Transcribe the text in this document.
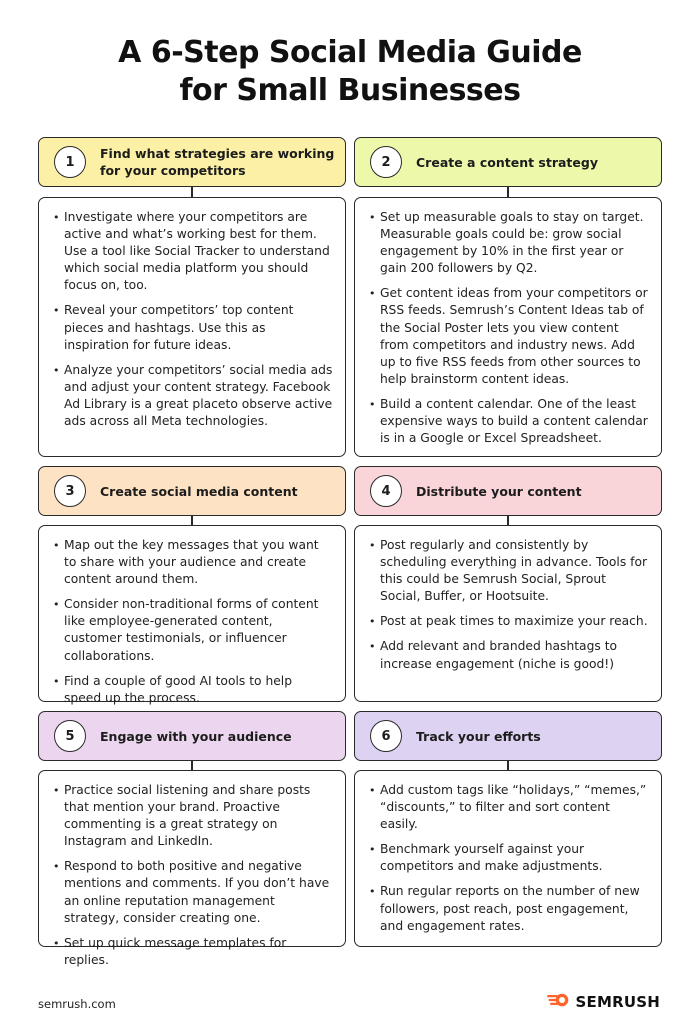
A 6-Step Social Media Guide
for Small Businesses
1
Find what strategies are working
for your competitors
• Investigate where your competitors are active and what’s working best for them. Use a tool like Social Tracker to understand which social media platform you should focus on, too.
• Reveal your competitors’ top content pieces and hashtags. Use this as inspiration for future ideas.
• Analyze your competitors’ social media ads and adjust your content strategy. Facebook Ad Library is a great placeto observe active ads across all Meta technologies.
2	Create a content strategy
• Set up measurable goals to stay on target. Measurable goals could be: grow social engagement by 10% in the first year or gain 200 followers by Q2.
• Get content ideas from your competitors or RSS feeds. Semrush’s Content Ideas tab of the Social Poster lets you view content from competitors and industry news. Add up to five RSS feeds from other sources to help brainstorm content ideas.
• Build a content calendar. One of the least expensive ways to build a content calendar is in a Google or Excel Spreadsheet.
3	Create social media content
• Map out the key messages that you want to share with your audience and create content around them.
• Consider non-traditional forms of content like employee-generated content, customer testimonials, or influencer collaborations.
• Find a couple of good AI tools to help speed up the process.
4	Distribute your content
• Post regularly and consistently by scheduling everything in advance. Tools for this could be Semrush Social, Sprout Social, Buffer, or Hootsuite.
• Post at peak times to maximize your reach.
• Add relevant and branded hashtags to increase engagement (niche is good!)
5	Engage with your audience
• Practice social listening and share posts that mention your brand. Proactive commenting is a great strategy on Instagram and LinkedIn.
• Respond to both positive and negative mentions and comments. If you don’t have an online reputation management strategy, consider creating one.
• Set up quick message templates for replies.
6	Track your efforts
• Add custom tags like “holidays,” “memes,” “discounts,” to filter and sort content easily.
• Benchmark yourself against your competitors and make adjustments.
• Run regular reports on the number of new followers, post reach, post engagement, and engagement rates.
semrush.com	SEMRUSH
